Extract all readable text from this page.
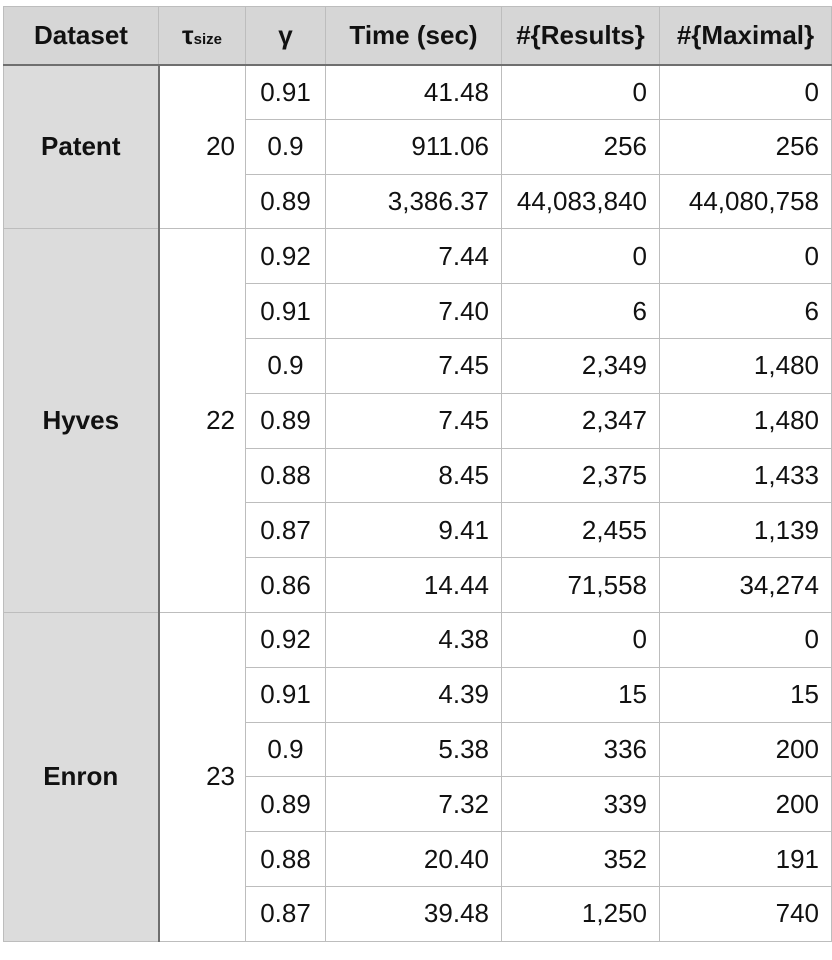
Dataset	τsize	γ	Time (sec)	#{Results}	#{Maximal}
Patent	20	0.91	41.48	0	0
		0.9	911.06	256	256
		0.89	3,386.37	44,083,840	44,080,758
Hyves	22	0.92	7.44	0	0
		0.91	7.40	6	6
		0.9	7.45	2,349	1,480
		0.89	7.45	2,347	1,480
		0.88	8.45	2,375	1,433
		0.87	9.41	2,455	1,139
		0.86	14.44	71,558	34,274
Enron	23	0.92	4.38	0	0
		0.91	4.39	15	15
		0.9	5.38	336	200
		0.89	7.32	339	200
		0.88	20.40	352	191
		0.87	39.48	1,250	740
